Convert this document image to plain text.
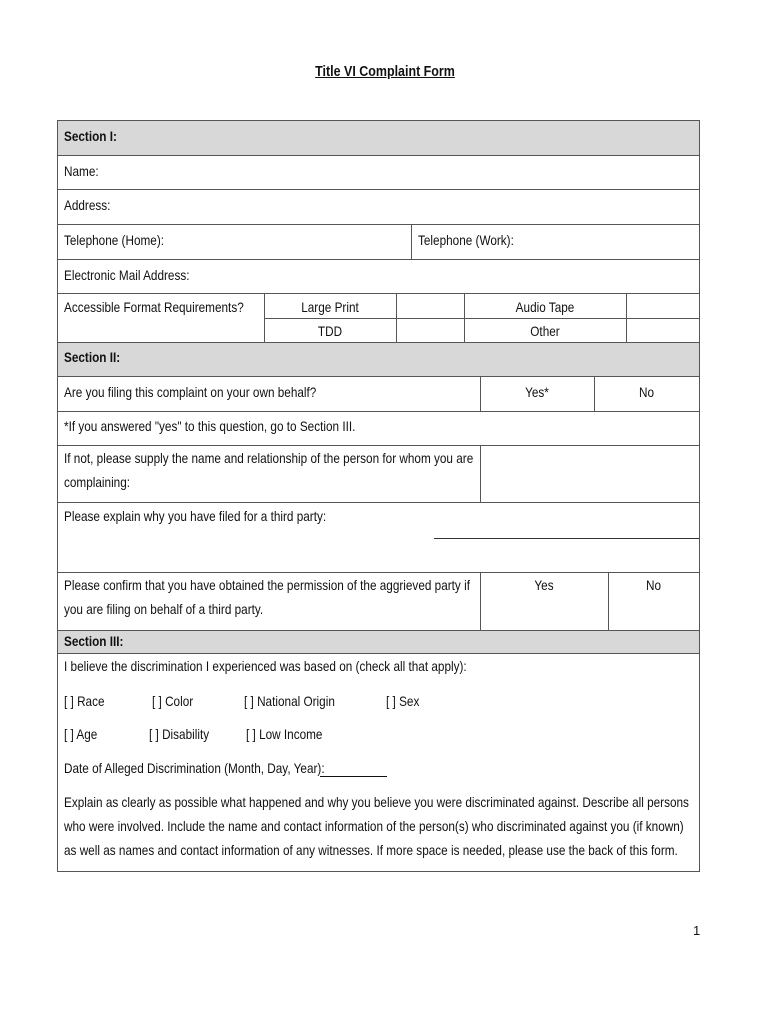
Title VI Complaint Form
Section I:
Name:
Address:
Telephone (Home):	Telephone (Work):
Electronic Mail Address:
Accessible Format Requirements?	Large Print	Audio Tape
TDD	Other
Section II:
Are you filing this complaint on your own behalf?	Yes*	No
*If you answered "yes" to this question, go to Section III.
If not, please supply the name and relationship of the person for whom you are complaining:
Please explain why you have filed for a third party:
Please confirm that you have obtained the permission of the aggrieved party if you are filing on behalf of a third party.
Yes	No
Section III:
I believe the discrimination I experienced was based on (check all that apply):
[ ] Race	[ ] Color	[ ] National Origin	[ ] Sex
[ ] Age	[ ] Disability	[ ] Low Income
Date of Alleged Discrimination (Month, Day, Year):
Explain as clearly as possible what happened and why you believe you were discriminated against. Describe all persons who were involved. Include the name and contact information of the person(s) who discriminated against you (if known) as well as names and contact information of any witnesses. If more space is needed, please use the back of this form.
1
